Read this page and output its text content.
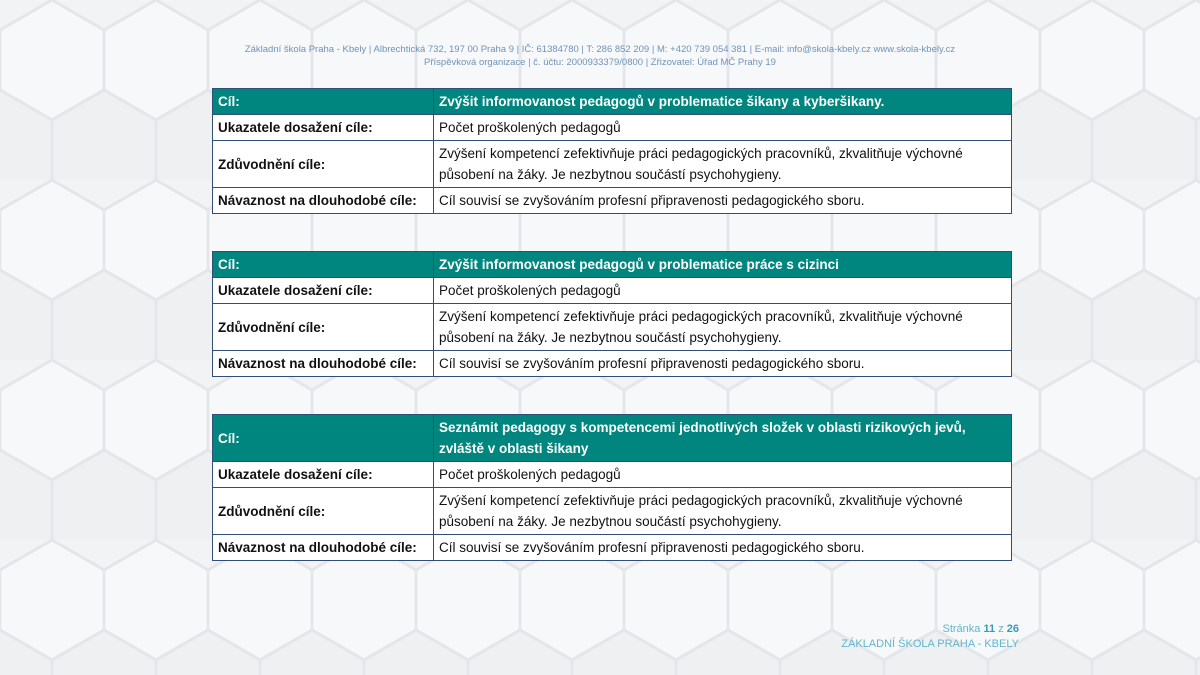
Základní škola Praha - Kbely | Albrechtická 732, 197 00 Praha 9 | IČ: 61384780 | T: 286 852 209 | M: +420 739 054 381 | E-mail: info@skola-kbely.cz www.skola-kbely.cz
Příspěvková organizace | č. účtu: 2000933379/0800 | Zřizovatel: Úřad MČ Prahy 19
Cíl:	Zvýšit informovanost pedagogů v problematice šikany a kyberšikany.
Ukazatele dosažení cíle:	Počet proškolených pedagogů
Zdůvodnění cíle:	Zvýšení kompetencí zefektivňuje práci pedagogických pracovníků, zkvalitňuje výchovné působení na žáky. Je nezbytnou součástí psychohygieny.
Návaznost na dlouhodobé cíle:	Cíl souvisí se zvyšováním profesní připravenosti pedagogického sboru.
Cíl:	Zvýšit informovanost pedagogů v problematice práce s cizinci
Ukazatele dosažení cíle:	Počet proškolených pedagogů
Zdůvodnění cíle:	Zvýšení kompetencí zefektivňuje práci pedagogických pracovníků, zkvalitňuje výchovné působení na žáky. Je nezbytnou součástí psychohygieny.
Návaznost na dlouhodobé cíle:	Cíl souvisí se zvyšováním profesní připravenosti pedagogického sboru.
Cíl:	Seznámit pedagogy s kompetencemi jednotlivých složek v oblasti rizikových jevů, zvláště v oblasti šikany
Ukazatele dosažení cíle:	Počet proškolených pedagogů
Zdůvodnění cíle:	Zvýšení kompetencí zefektivňuje práci pedagogických pracovníků, zkvalitňuje výchovné působení na žáky. Je nezbytnou součástí psychohygieny.
Návaznost na dlouhodobé cíle:	Cíl souvisí se zvyšováním profesní připravenosti pedagogického sboru.
Stránka 11 z 26
ZÁKLADNÍ ŠKOLA PRAHA - KBELY
